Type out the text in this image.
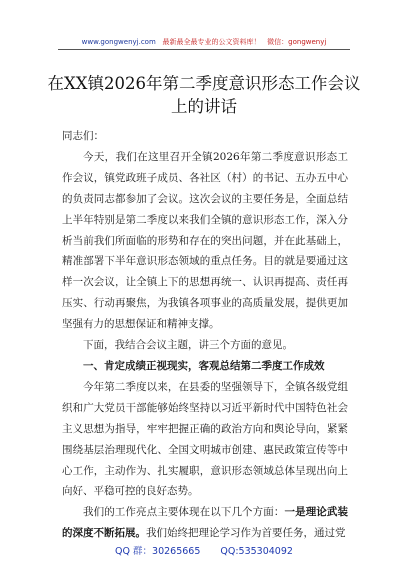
www.gongwenyj.com 最新最全最专业的公文资料库！ 微信：gongwenyj
在XX镇2026年第二季度意识形态工作会议
上的讲话

同志们：

今天，我们在这里召开全镇2026年第二季度意识形态工作会议，镇党政班子成员、各社区（村）的书记、五办五中心的负责同志都参加了会议。这次会议的主要任务是，全面总结上半年特别是第二季度以来我们全镇的意识形态工作，深入分析当前我们所面临的形势和存在的突出问题，并在此基础上，精准部署下半年意识形态领域的重点任务。目的就是要通过这样一次会议，让全镇上下的思想再统一、认识再提高、责任再压实、行动再聚焦，为我镇各项事业的高质量发展，提供更加坚强有力的思想保证和精神支撑。

下面，我结合会议主题，讲三个方面的意见。

一、肯定成绩正视现实，客观总结第二季度工作成效

今年第二季度以来，在县委的坚强领导下，全镇各级党组织和广大党员干部能够始终坚持以习近平新时代中国特色社会主义思想为指导，牢牢把握正确的政治方向和舆论导向，紧紧围绕基层治理现代化、全国文明城市创建、惠民政策宣传等中心工作，主动作为、扎实履职，意识形态领域总体呈现出向上向好、平稳可控的良好态势。

我们的工作亮点主要体现在以下几个方面：一是理论武装的深度不断拓展。我们始终把理论学习作为首要任务，通过党

QQ 群：30265665 QQ:535304092
